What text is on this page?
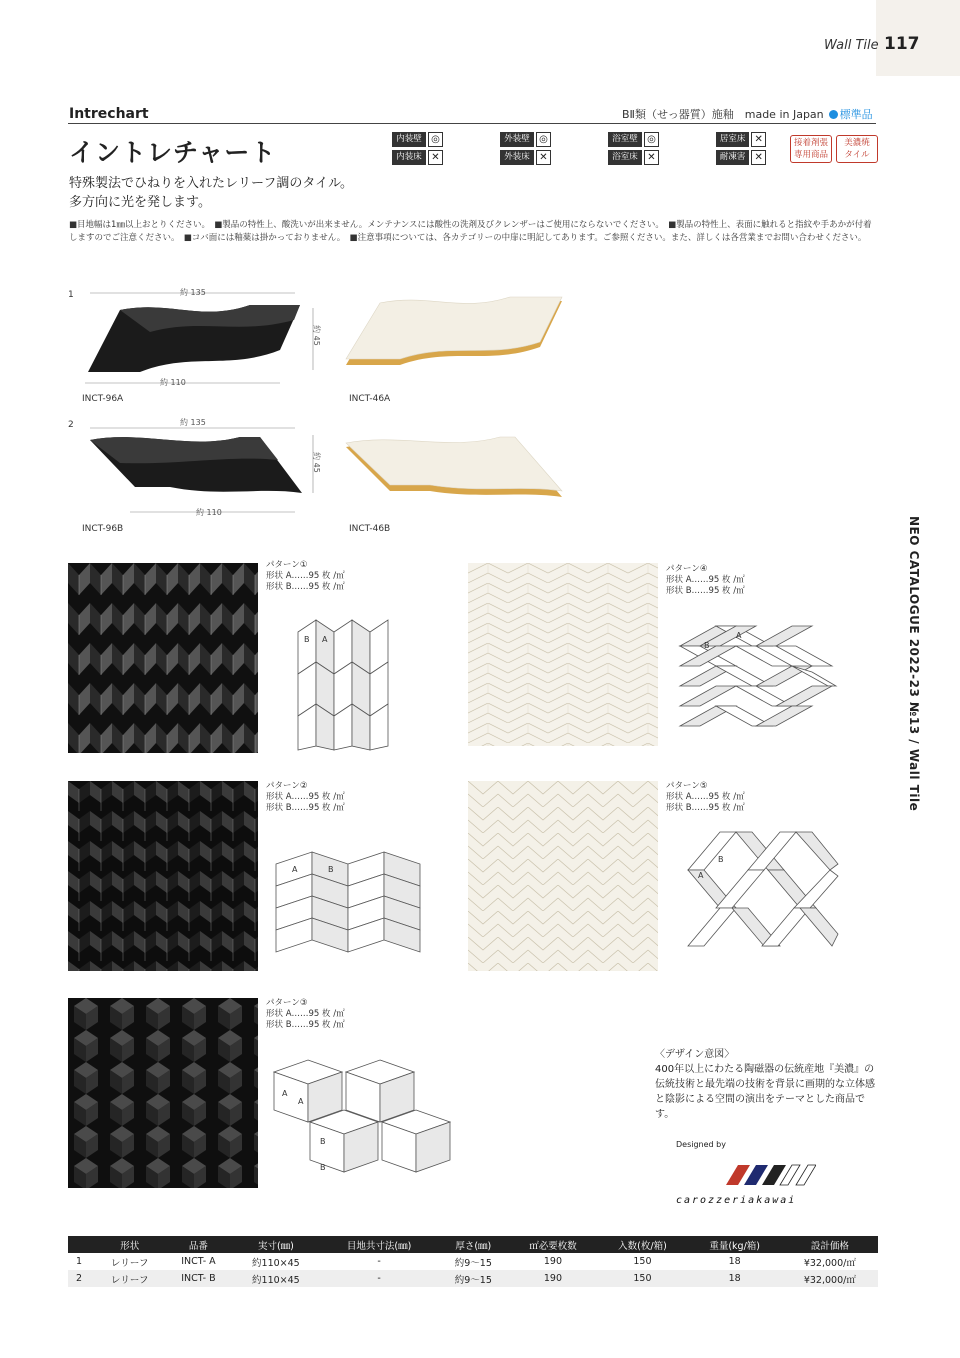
Wall Tile 117
Intrechart	BⅡ類（せっ器質）施釉　made in Japan 標準品
イントレチャート	内装壁 ◎	外装壁 ◎	浴室壁 ◎	居室床 ✕
内装床 ✕	外装床 ✕	浴室床 ✕	耐凍害 ✕
接着剤張
専用商品
美濃焼
タイル
特殊製法でひねりを入れたレリーフ調のタイル。
多方向に光を発します。
■目地幅は1㎜以上おとりください。　■製品の特性上、酸洗いが出来ません。メンテナンスには酸性の洗剤及びクレンザーはご使用にならないでください。　■製品の特性上、表面に触れると指紋や手あかが付着しますのでご注意ください。　■コバ面には釉薬は掛かっておりません。　■注意事項については、各カテゴリーの中扉に明記してあります。ご参照ください。また、詳しくは各営業までお問い合わせください。
1	約 135
約 110
約 45
INCT-96A	INCT-46A
2	約 135
約 110
約 45
INCT-96B	INCT-46B
パターン①
形状 A……95 枚 /㎡
形状 B……95 枚 /㎡
パターン②
形状 A……95 枚 /㎡
形状 B……95 枚 /㎡
パターン③
形状 A……95 枚 /㎡
形状 B……95 枚 /㎡
パターン④
形状 A……95 枚 /㎡
形状 B……95 枚 /㎡
パターン⑤
形状 A……95 枚 /㎡
形状 B……95 枚 /㎡
B A
A	B
A
A
B
B
B
A
B
A
〈デザイン意図〉
400年以上にわたる陶磁器の伝統産地『美濃』の伝統技術と最先端の技術を背景に画期的な立体感と陰影による空間の演出をテーマとした商品です。
Designed by
carozzeriakawai
NEO CATALOGUE 2022-23 №13 / Wall Tile
	形状	品番	実寸(㎜)	目地共寸法(㎜)	厚さ(㎜)	㎡必要枚数	入数(枚/箱)	重量(kg/箱)	設計価格
1	レリーフ	INCT- A	約110×45	-	約9～15	190	150	18	¥32,000/㎡
2	レリーフ	INCT- B	約110×45	-	約9～15	190	150	18	¥32,000/㎡
